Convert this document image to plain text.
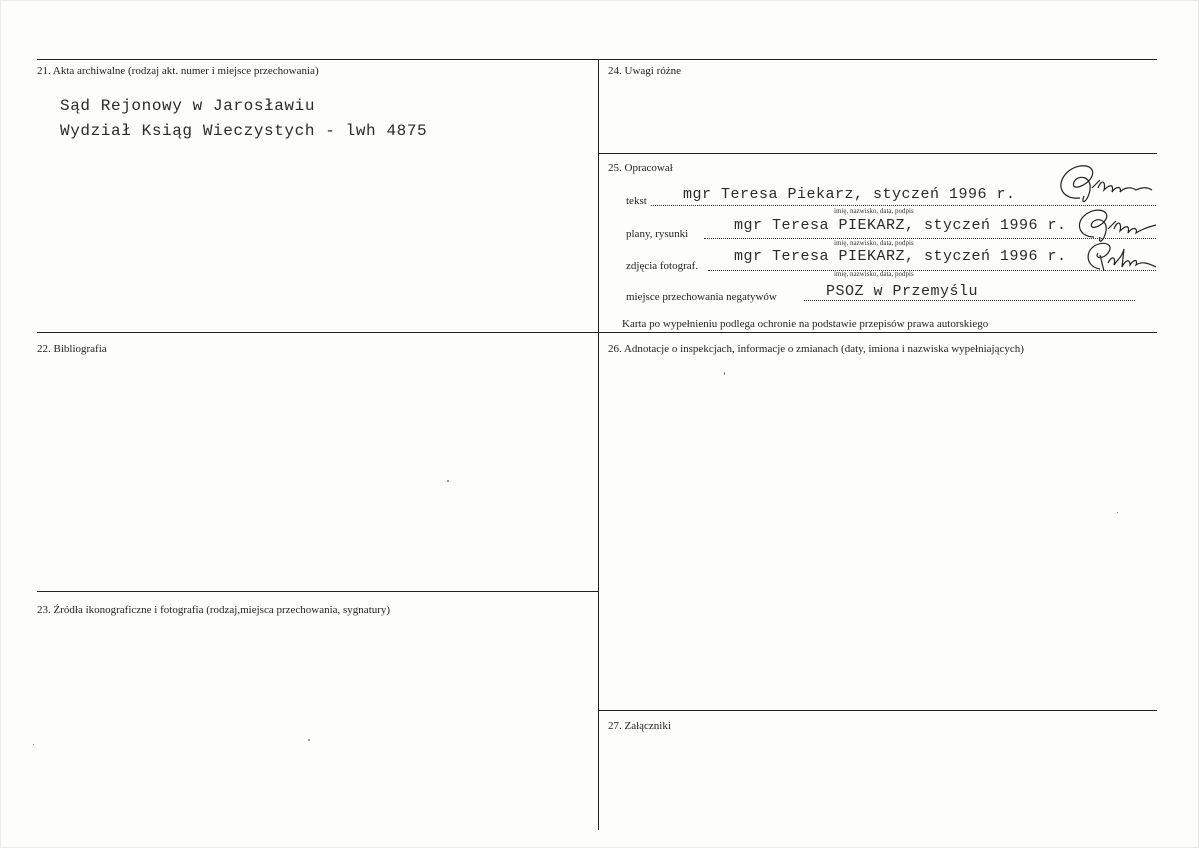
21. Akta archiwalne (rodzaj akt. numer i miejsce przechowania)
Sąd Rejonowy w Jarosławiu
Wydział Ksiąg Wieczystych - lwh 4875
22. Bibliografia
23. Źródła ikonograficzne i fotografia (rodzaj,miejsca przechowania, sygnatury)
24. Uwagi różne
25. Opracował
tekst mgr Teresa Piekarz, styczeń 1996 r.
imię, nazwisko, data, podpis
plany, rysunki	mgr Teresa PIEKARZ, styczeń 1996 r.
imię, nazwisko, data, podpis
zdjęcia fotograf.
mgr Teresa PIEKARZ, styczeń 1996 r.
imię, nazwisko, data, podpis
miejsce przechowania negatywów	PSOZ w Przemyślu
Karta po wypełnieniu podlega ochronie na podstawie przepisów prawa autorskiego
26. Adnotacje o inspekcjach, informacje o zmianach (daty, imiona i nazwiska wypełniających)
27. Załączniki
